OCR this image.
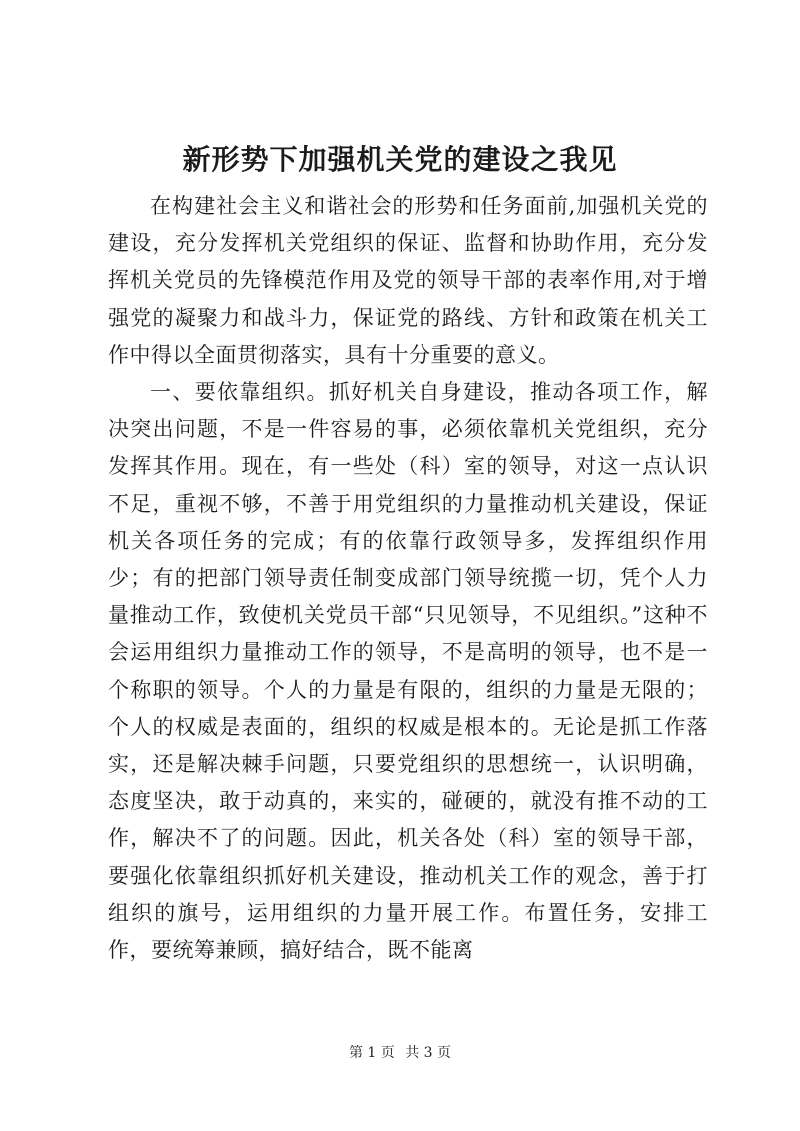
新形势下加强机关党的建设之我见

在构建社会主义和谐社会的形势和任务面前,加强机关党的建设，充分发挥机关党组织的保证、监督和协助作用，充分发挥机关党员的先锋模范作用及党的领导干部的表率作用,对于增强党的凝聚力和战斗力，保证党的路线、方针和政策在机关工作中得以全面贯彻落实，具有十分重要的意义。

一、要依靠组织。抓好机关自身建设，推动各项工作，解决突出问题，不是一件容易的事，必须依靠机关党组织，充分发挥其作用。现在，有一些处（科）室的领导，对这一点认识不足，重视不够，不善于用党组织的力量推动机关建设，保证机关各项任务的完成；有的依靠行政领导多，发挥组织作用少；有的把部门领导责任制变成部门领导统揽一切，凭个人力量推动工作，致使机关党员干部“只见领导，不见组织。”这种不会运用组织力量推动工作的领导，不是高明的领导，也不是一个称职的领导。个人的力量是有限的，组织的力量是无限的；个人的权威是表面的，组织的权威是根本的。无论是抓工作落实，还是解决棘手问题，只要党组织的思想统一，认识明确，态度坚决，敢于动真的，来实的，碰硬的，就没有推不动的工作，解决不了的问题。因此，机关各处（科）室的领导干部，要强化依靠组织抓好机关建设，推动机关工作的观念，善于打组织的旗号，运用组织的力量开展工作。布置任务，安排工作，要统筹兼顾，搞好结合，既不能离

第 1 页 共 3 页
